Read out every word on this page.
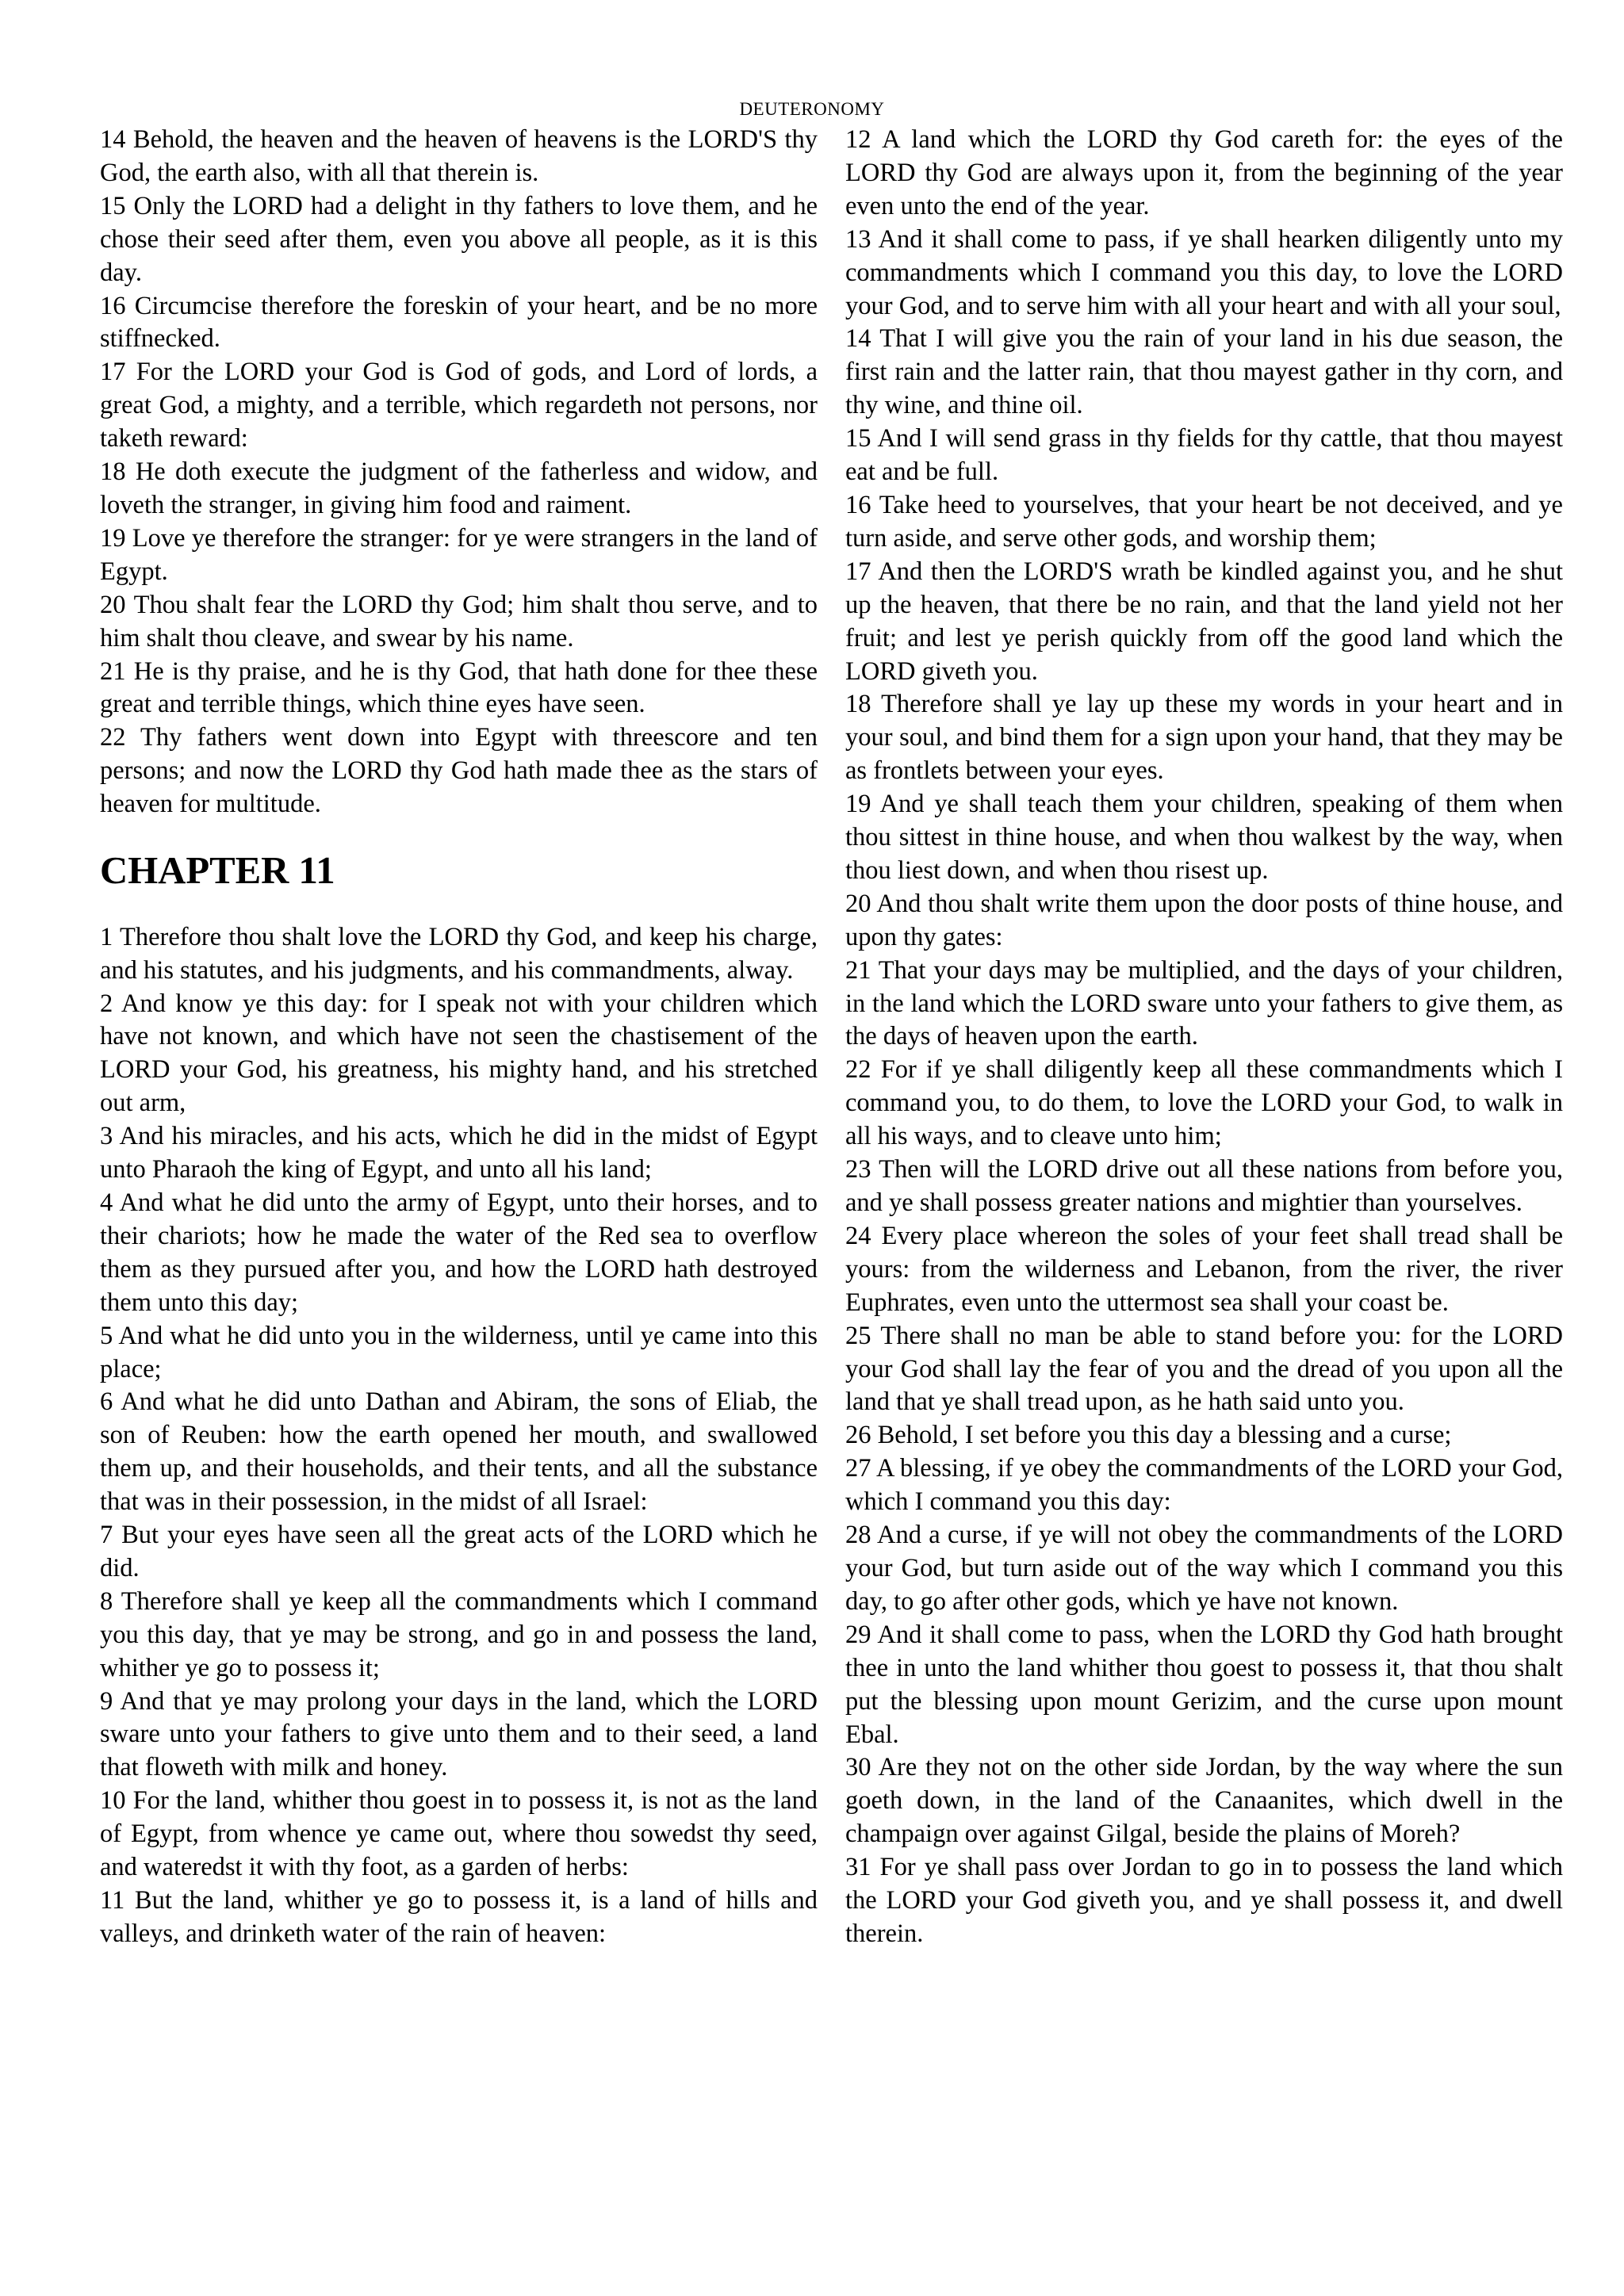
DEUTERONOMY

14 Behold, the heaven and the heaven of heavens is the LORD'S thy God, the earth also, with all that therein is.

15 Only the LORD had a delight in thy fathers to love them, and he chose their seed after them, even you above all people, as it is this day.

16 Circumcise therefore the foreskin of your heart, and be no more stiffnecked.

17 For the LORD your God is God of gods, and Lord of lords, a great God, a mighty, and a terrible, which regardeth not persons, nor taketh reward:

18 He doth execute the judgment of the fatherless and widow, and loveth the stranger, in giving him food and raiment.

19 Love ye therefore the stranger: for ye were strangers in the land of Egypt.

20 Thou shalt fear the LORD thy God; him shalt thou serve, and to him shalt thou cleave, and swear by his name.

21 He is thy praise, and he is thy God, that hath done for thee these great and terrible things, which thine eyes have seen.

22 Thy fathers went down into Egypt with threescore and ten persons; and now the LORD thy God hath made thee as the stars of heaven for multitude.

CHAPTER 11

1 Therefore thou shalt love the LORD thy God, and keep his charge, and his statutes, and his judgments, and his commandments, alway.

2 And know ye this day: for I speak not with your children which have not known, and which have not seen the chastisement of the LORD your God, his greatness, his mighty hand, and his stretched out arm,

3 And his miracles, and his acts, which he did in the midst of Egypt unto Pharaoh the king of Egypt, and unto all his land;

4 And what he did unto the army of Egypt, unto their horses, and to their chariots; how he made the water of the Red sea to overflow them as they pursued after you, and how the LORD hath destroyed them unto this day;

5 And what he did unto you in the wilderness, until ye came into this place;

6 And what he did unto Dathan and Abiram, the sons of Eliab, the son of Reuben: how the earth opened her mouth, and swallowed them up, and their households, and their tents, and all the substance that was in their possession, in the midst of all Israel:

7 But your eyes have seen all the great acts of the LORD which he did.

8 Therefore shall ye keep all the commandments which I command you this day, that ye may be strong, and go in and possess the land, whither ye go to possess it;

9 And that ye may prolong your days in the land, which the LORD sware unto your fathers to give unto them and to their seed, a land that floweth with milk and honey.

10 For the land, whither thou goest in to possess it, is not as the land of Egypt, from whence ye came out, where thou sowedst thy seed, and wateredst it with thy foot, as a garden of herbs:

11 But the land, whither ye go to possess it, is a land of hills and valleys, and drinketh water of the rain of heaven:

12 A land which the LORD thy God careth for: the eyes of the LORD thy God are always upon it, from the beginning of the year even unto the end of the year.

13 And it shall come to pass, if ye shall hearken diligently unto my commandments which I command you this day, to love the LORD your God, and to serve him with all your heart and with all your soul,

14 That I will give you the rain of your land in his due season, the first rain and the latter rain, that thou mayest gather in thy corn, and thy wine, and thine oil.

15 And I will send grass in thy fields for thy cattle, that thou mayest eat and be full.

16 Take heed to yourselves, that your heart be not deceived, and ye turn aside, and serve other gods, and worship them;

17 And then the LORD'S wrath be kindled against you, and he shut up the heaven, that there be no rain, and that the land yield not her fruit; and lest ye perish quickly from off the good land which the LORD giveth you.

18 Therefore shall ye lay up these my words in your heart and in your soul, and bind them for a sign upon your hand, that they may be as frontlets between your eyes.

19 And ye shall teach them your children, speaking of them when thou sittest in thine house, and when thou walkest by the way, when thou liest down, and when thou risest up.

20 And thou shalt write them upon the door posts of thine house, and upon thy gates:

21 That your days may be multiplied, and the days of your children, in the land which the LORD sware unto your fathers to give them, as the days of heaven upon the earth.

22 For if ye shall diligently keep all these commandments which I command you, to do them, to love the LORD your God, to walk in all his ways, and to cleave unto him;

23 Then will the LORD drive out all these nations from before you, and ye shall possess greater nations and mightier than yourselves.

24 Every place whereon the soles of your feet shall tread shall be yours: from the wilderness and Lebanon, from the river, the river Euphrates, even unto the uttermost sea shall your coast be.

25 There shall no man be able to stand before you: for the LORD your God shall lay the fear of you and the dread of you upon all the land that ye shall tread upon, as he hath said unto you.

26 Behold, I set before you this day a blessing and a curse;

27 A blessing, if ye obey the commandments of the LORD your God, which I command you this day:

28 And a curse, if ye will not obey the commandments of the LORD your God, but turn aside out of the way which I command you this day, to go after other gods, which ye have not known.

29 And it shall come to pass, when the LORD thy God hath brought thee in unto the land whither thou goest to possess it, that thou shalt put the blessing upon mount Gerizim, and the curse upon mount Ebal.

30 Are they not on the other side Jordan, by the way where the sun goeth down, in the land of the Canaanites, which dwell in the champaign over against Gilgal, beside the plains of Moreh?

31 For ye shall pass over Jordan to go in to possess the land which the LORD your God giveth you, and ye shall possess it, and dwell therein.
